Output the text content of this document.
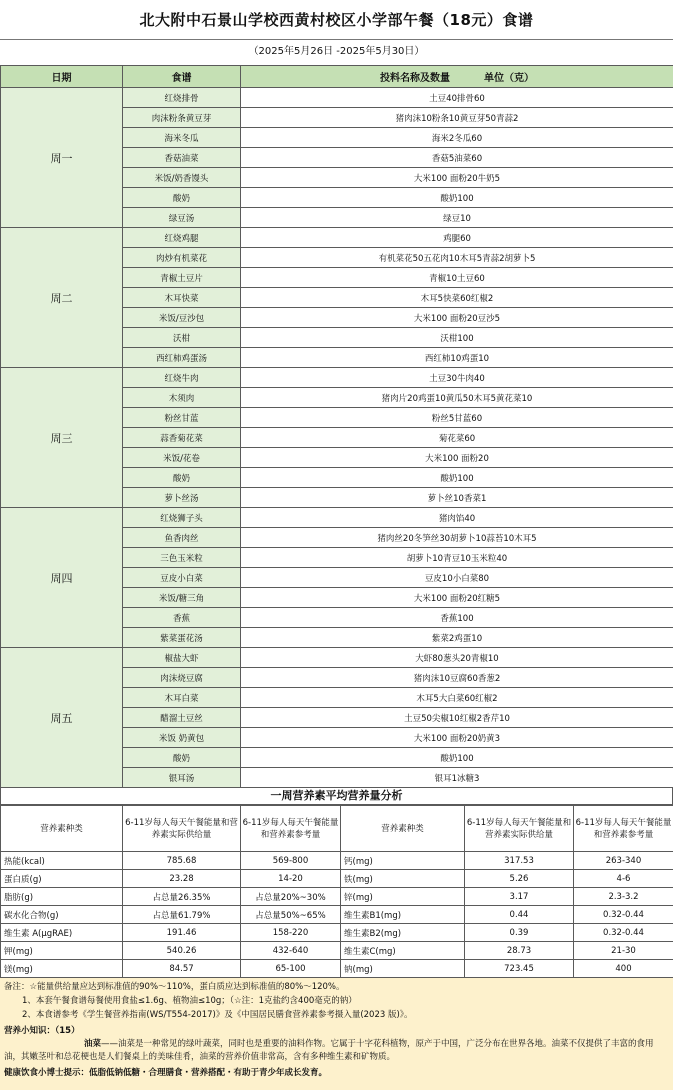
北大附中石景山学校西黄村校区小学部午餐（18元）食谱
（2025年5月26日 -2025年5月30日）
日期	食谱	投料名称及数量 单位（克）
周一	红烧排骨	土豆40排骨60
	肉沫粉条黄豆芽	猪肉沫10粉条10黄豆芽50青蒜2
	海米冬瓜	海米2冬瓜60
	香菇油菜	香菇5油菜60
	米饭/奶香馒头	大米100 面粉20牛奶5
	酸奶	酸奶100
	绿豆汤	绿豆10
周二	红烧鸡腿	鸡腿60
	肉炒有机菜花	有机菜花50五花肉10木耳5青蒜2胡萝卜5
	青椒土豆片	青椒10土豆60
	木耳快菜	木耳5快菜60红椒2
	米饭/豆沙包	大米100 面粉20豆沙5
	沃柑	沃柑100
	西红柿鸡蛋汤	西红柿10鸡蛋10
周三	红烧牛肉	土豆30牛肉40
	木须肉	猪肉片20鸡蛋10黄瓜50木耳5黄花菜10
	粉丝甘蓝	粉丝5甘蓝60
	蒜香菊花菜	菊花菜60
	米饭/花卷	大米100 面粉20
	酸奶	酸奶100
	萝卜丝汤	萝卜丝10香菜1
周四	红烧狮子头	猪肉馅40
	鱼香肉丝	猪肉丝20冬笋丝30胡萝卜10蒜苔10木耳5
	三色玉米粒	胡萝卜10青豆10玉米粒40
	豆皮小白菜	豆皮10小白菜80
	米饭/糖三角	大米100 面粉20红糖5
	香蕉	香蕉100
	紫菜蛋花汤	紫菜2鸡蛋10
周五	椒盐大虾	大虾80葱头20青椒10
	肉沫烧豆腐	猪肉沫10豆腐60香葱2
	木耳白菜	木耳5大白菜60红椒2
	醋溜土豆丝	土豆50尖椒10红椒2香芹10
	米饭 奶黄包	大米100 面粉20奶黄3
	酸奶	酸奶100
	银耳汤	银耳1冰糖3
一周营养素平均营养量分析
营养素种类	6-11岁每人每天午餐能量和营养素实际供给量	6-11岁每人每天午餐能量和营养素参考量	营养素种类	6-11岁每人每天午餐能量和营养素实际供给量	6-11岁每人每天午餐能量和营养素参考量
热能(kcal)	785.68	569-800	钙(mg)	317.53	263-340
蛋白质(g)	23.28	14-20	铁(mg)	5.26	4-6
脂肪(g)	占总量26.35%	占总量20%~30%	锌(mg)	3.17	2.3-3.2
碳水化合物(g)	占总量61.79%	占总量50%~65%	维生素B1(mg)	0.44	0.32-0.44
维生素 A(μgRAE)	191.46	158-220	维生素B2(mg)	0.39	0.32-0.44
钾(mg)	540.26	432-640	维生素C(mg)	28.73	21-30
镁(mg)	84.57	65-100	钠(mg)	723.45	400

备注：☆能量供给量应达到标准值的90%～110%，蛋白质应达到标准值的80%～120%。

1、本套午餐食谱每餐使用食盐≤1.6g、植物油≤10g；（☆注：1克盐约含400毫克的钠）

2、本食谱参考《学生餐营养指南(WS/T554-2017)》及《中国居民膳食营养素参考摄入量(2023 版)》。

营养小知识：（15）

油菜——油菜是一种常见的绿叶蔬菜，同时也是重要的油料作物。它属于十字花科植物，原产于中国，广泛分布在世界各地。油菜不仅提供了丰富的食用油，其嫩茎叶和总花梗也是人们餐桌上的美味佳肴，油菜的营养价值非常高，含有多种维生素和矿物质。

健康饮食小博士提示：低脂低钠低糖・合理膳食・营养搭配・有助于青少年成长发育。
